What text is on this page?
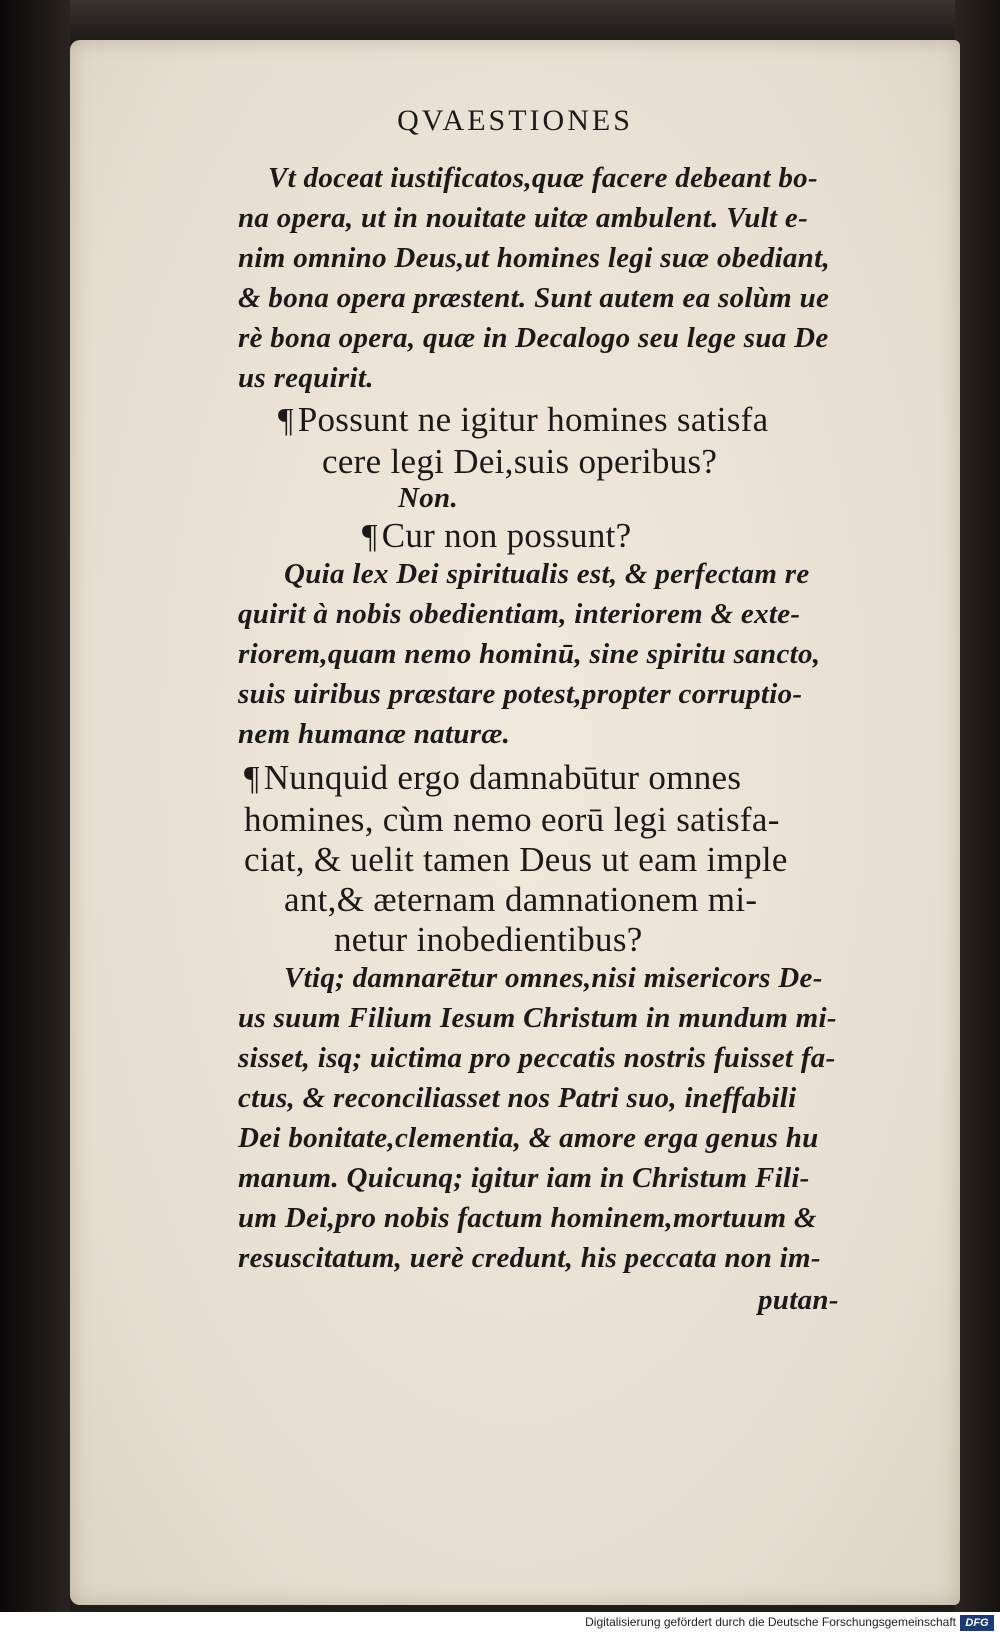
QVAESTIONES
Vt doceat iustificatos,quæ facere debeant bo-
na opera, ut in nouitate uitæ ambulent. Vult e-
nim omnino Deus,ut homines legi suæ obediant,
& bona opera præstent. Sunt autem ea solùm ue
rè bona opera, quæ in Decalogo seu lege sua De
us requirit.
¶ Possunt ne igitur homines satisfa
cere legi Dei,suis operibus?
Non.
¶ Cur non possunt?
Quia lex Dei spiritualis est, & perfectam re
quirit à nobis obedientiam, interiorem & exte-
riorem,quam nemo hominū, sine spiritu sancto,
suis uiribus præstare potest,propter corruptio-
nem humanæ naturæ.
¶ Nunquid ergo damnabūtur omnes
homines, cùm nemo eorū legi satisfa-
ciat, & uelit tamen Deus ut eam imple
ant,& æternam damnationem mi-
netur inobedientibus?
Vtiq; damnarētur omnes,nisi misericors De-
us suum Filium Iesum Christum in mundum mi-
sisset, isq; uictima pro peccatis nostris fuisset fa-
ctus, & reconciliasset nos Patri suo, ineffabili
Dei bonitate,clementia, & amore erga genus hu
manum. Quicunq; igitur iam in Christum Fili-
um Dei,pro nobis factum hominem,mortuum &
resuscitatum, uerè credunt, his peccata non im-
putan-
Digitalisierung gefördert durch die Deutsche Forschungsgemeinschaft DFG
